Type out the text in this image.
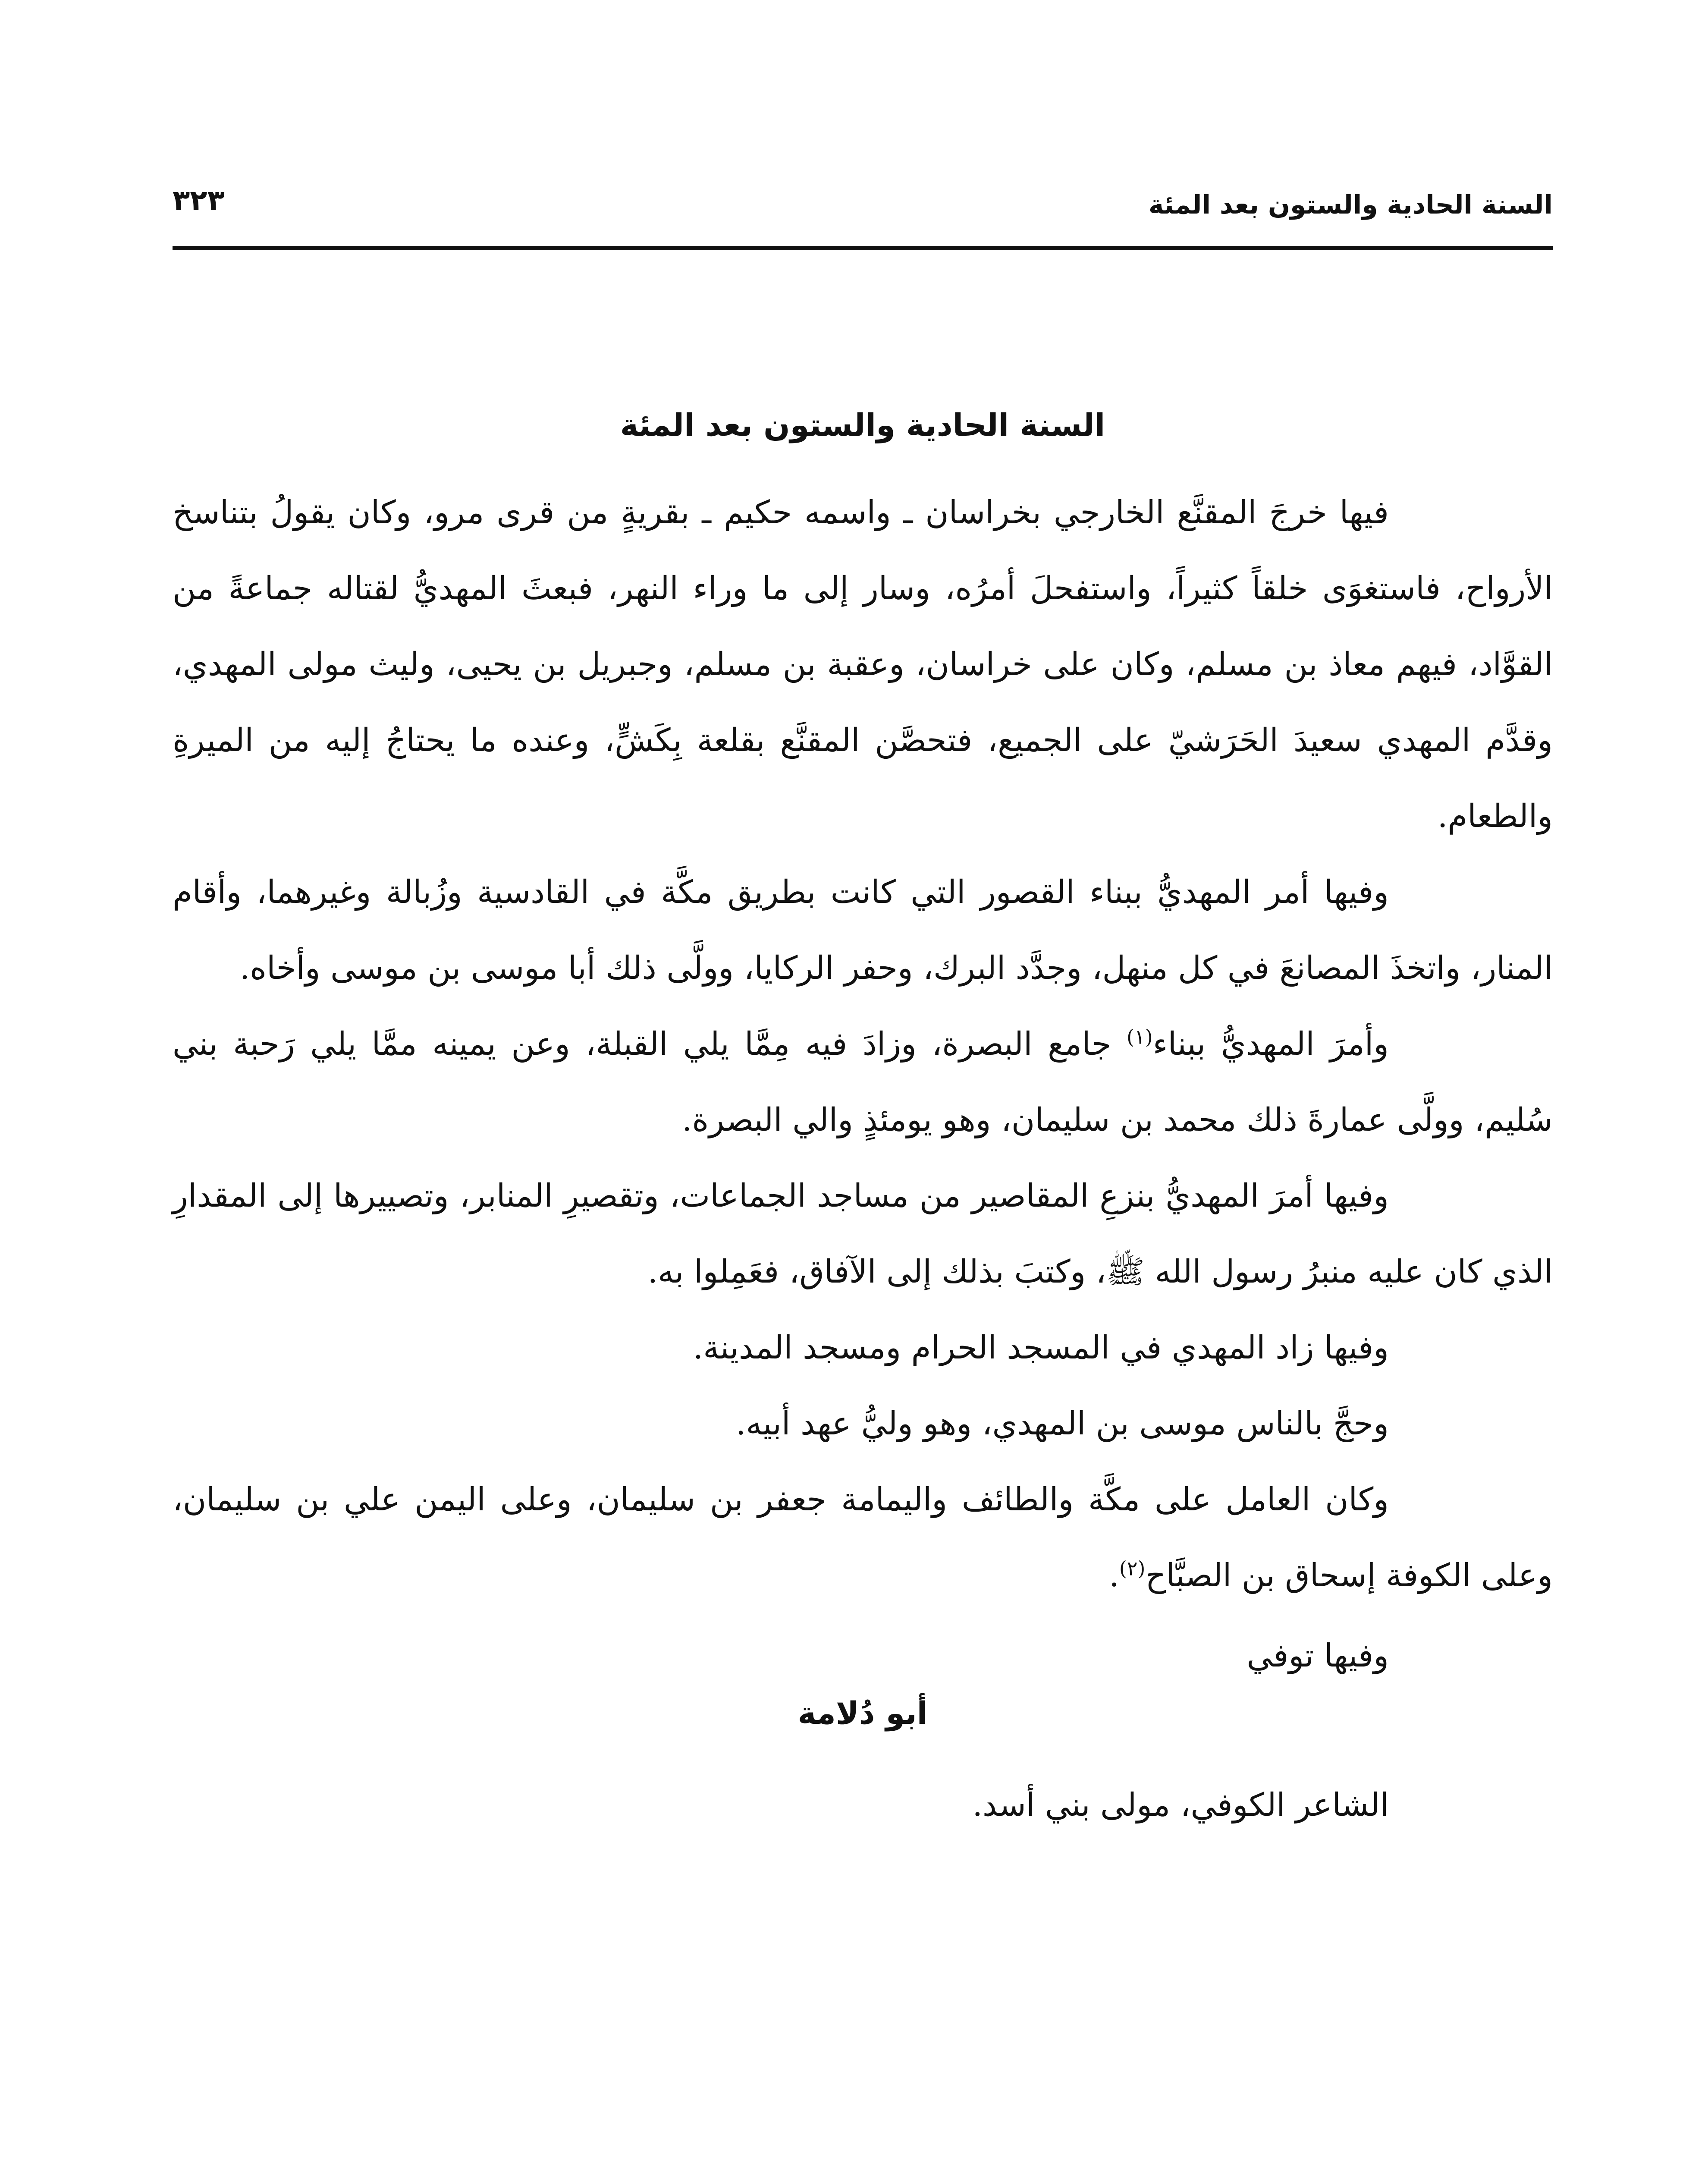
السنة الحادية والستون بعد المئة
٣٢٣
السنة الحادية والستون بعد المئة

فيها خرجَ المقنَّع الخارجي بخراسان ـ واسمه حكيم ـ بقريةٍ من قرى مرو، وكان يقولُ بتناسخ الأرواح، فاستغوَى خلقاً كثيراً، واستفحلَ أمرُه، وسار إلى ما وراء النهر، فبعثَ المهديُّ لقتاله جماعةً من القوَّاد، فيهم معاذ بن مسلم، وكان على خراسان، وعقبة بن مسلم، وجبريل بن يحيى، وليث مولى المهدي، وقدَّم المهدي سعيدَ الحَرَشيّ على الجميع، فتحصَّن المقنَّع بقلعة بِكَشٍّ، وعنده ما يحتاجُ إليه من الميرةِ والطعام.

وفيها أمر المهديُّ ببناء القصور التي كانت بطريق مكَّة في القادسية وزُبالة وغيرهما، وأقام المنار، واتخذَ المصانعَ في كل منهل، وجدَّد البرك، وحفر الركايا، وولَّى ذلك أبا موسى بن موسى وأخاه.

وأمرَ المهديُّ ببناء$^{(١)}$ جامع البصرة، وزادَ فيه مِمَّا يلي القبلة، وعن يمينه ممَّا يلي رَحبة بني سُليم، وولَّى عمارةَ ذلك محمد بن سليمان، وهو يومئذٍ والي البصرة.

وفيها أمرَ المهديُّ بنزعِ المقاصير من مساجد الجماعات، وتقصيرِ المنابر، وتصييرها إلى المقدارِ الذي كان عليه منبرُ رسول الله ﷺ، وكتبَ بذلك إلى الآفاق، فعَمِلوا به.

وفيها زاد المهدي في المسجد الحرام ومسجد المدينة.

وحجَّ بالناس موسى بن المهدي، وهو وليُّ عهد أبيه.

وكان العامل على مكَّة والطائف واليمامة جعفر بن سليمان، وعلى اليمن علي بن سليمان، وعلى الكوفة إسحاق بن الصبَّاح$^{(٢)}$.

وفيها توفي

أبو دُلامة

الشاعر الكوفي، مولى بني أسد.
